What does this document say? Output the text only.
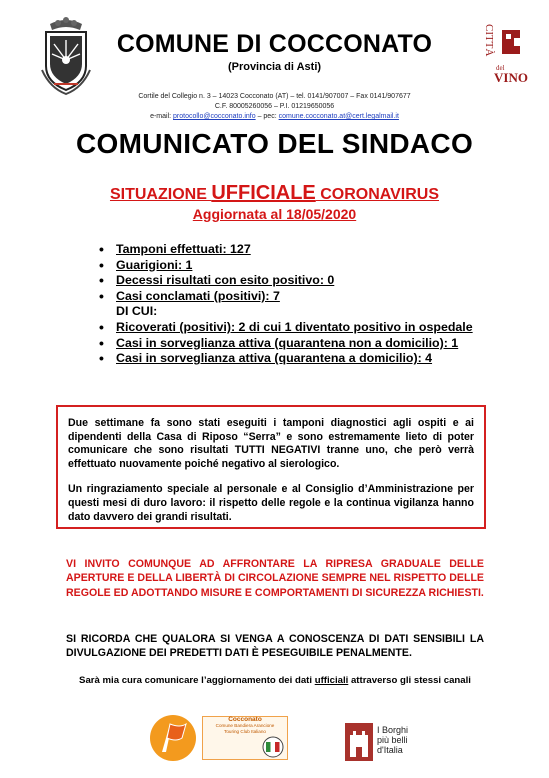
COMUNE DI COCCONATO
(Provincia di Asti)
Cortile del Collegio n. 3 – 14023 Cocconato (AT) – tel. 0141/907007 – Fax 0141/907677
C.F. 80005260056 – P.I. 01219650056
e-mail: protocollo@cocconato.info – pec: comune.cocconato.at@cert.legalmail.it
CITTÀ
del
VINO
COMUNICATO DEL SINDACO
SITUAZIONE UFFICIALE CORONAVIRUS
Aggiornata al 18/05/2020
• Tamponi effettuati: 127
• Guarigioni: 1
• Decessi risultati con esito positivo: 0
• Casi conclamati (positivi): 7
DI CUI:
• Ricoverati (positivi): 2 di cui 1 diventato positivo in ospedale
• Casi in sorveglianza attiva (quarantena non a domicilio): 1
• Casi in sorveglianza attiva (quarantena a domicilio): 4

Due settimane fa sono stati eseguiti i tamponi diagnostici agli ospiti e ai dipendenti della Casa di Riposo “Serra” e sono estremamente lieto di poter comunicare che sono risultati TUTTI NEGATIVI tranne uno, che però verrà effettuato nuovamente poiché negativo al sierologico.

Un ringraziamento speciale al personale e al Consiglio d’Amministrazione per questi mesi di duro lavoro: il rispetto delle regole e la continua vigilanza hanno dato davvero dei grandi risultati.

VI INVITO COMUNQUE AD AFFRONTARE LA RIPRESA GRADUALE DELLE APERTURE E DELLA LIBERTÀ DI CIRCOLAZIONE SEMPRE NEL RISPETTO DELLE REGOLE ED ADOTTANDO MISURE E COMPORTAMENTI DI SICUREZZA RICHIESTI.
SI RICORDA CHE QUALORA SI VENGA A CONOSCENZA DI DATI SENSIBILI LA DIVULGAZIONE DEI PREDETTI DATI È PESEGUIBILE PENALMENTE.
Sarà mia cura comunicare l’aggiornamento dei dati ufficiali attraverso gli stessi canali
Cocconato
Comune Bandiera Arancione
Touring Club Italiano	I Borghi
più belli
d'Italia
